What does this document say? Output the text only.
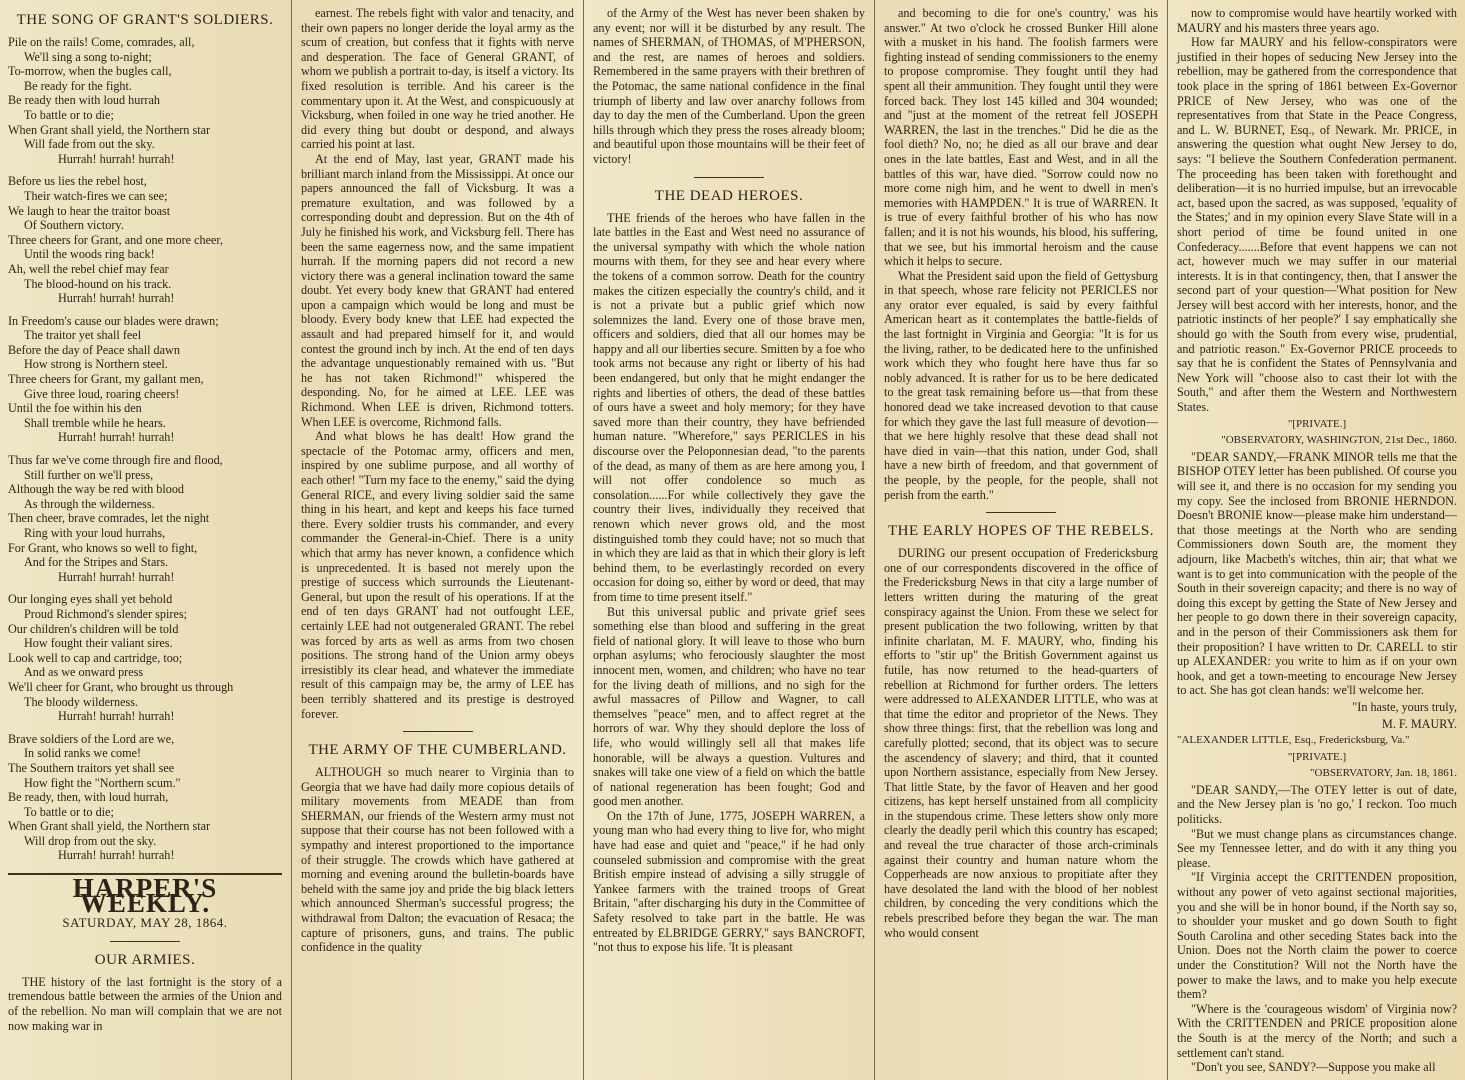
THE SONG OF GRANT'S SOLDIERS.

Pile on the rails! Come, comrades, all,

We'll sing a song to-night;

To-morrow, when the bugles call,

Be ready for the fight.

Be ready then with loud hurrah

To battle or to die;

When Grant shall yield, the Northern star

Will fade from out the sky.

Hurrah! hurrah! hurrah!

Before us lies the rebel host,

Their watch-fires we can see;

We laugh to hear the traitor boast

Of Southern victory.

Three cheers for Grant, and one more cheer,

Until the woods ring back!

Ah, well the rebel chief may fear

The blood-hound on his track.

Hurrah! hurrah! hurrah!

In Freedom's cause our blades were drawn;

The traitor yet shall feel

Before the day of Peace shall dawn

How strong is Northern steel.

Three cheers for Grant, my gallant men,

Give three loud, roaring cheers!

Until the foe within his den

Shall tremble while he hears.

Hurrah! hurrah! hurrah!

Thus far we've come through fire and flood,

Still further on we'll press,

Although the way be red with blood

As through the wilderness.

Then cheer, brave comrades, let the night

Ring with your loud hurrahs,

For Grant, who knows so well to fight,

And for the Stripes and Stars.

Hurrah! hurrah! hurrah!

Our longing eyes shall yet behold

Proud Richmond's slender spires;

Our children's children will be told

How fought their valiant sires.

Look well to cap and cartridge, too;

And as we onward press

We'll cheer for Grant, who brought us through

The bloody wilderness.

Hurrah! hurrah! hurrah!

Brave soldiers of the Lord are we,

In solid ranks we come!

The Southern traitors yet shall see

How fight the "Northern scum."

Be ready, then, with loud hurrah,

To battle or to die;

When Grant shall yield, the Northern star

Will drop from out the sky.

Hurrah! hurrah! hurrah!

HARPER'S WEEKLY.
SATURDAY, MAY 28, 1864.
OUR ARMIES.

THE history of the last fortnight is the story of a tremendous battle between the armies of the Union and of the rebellion. No man will complain that we are not now making war in

earnest. The rebels fight with valor and tenacity, and their own papers no longer deride the loyal army as the scum of creation, but confess that it fights with nerve and desperation. The face of General GRANT, of whom we publish a portrait to-day, is itself a victory. Its fixed resolution is terrible. And his career is the commentary upon it. At the West, and conspicuously at Vicksburg, when foiled in one way he tried another. He did every thing but doubt or despond, and always carried his point at last.

At the end of May, last year, GRANT made his brilliant march inland from the Mississippi. At once our papers announced the fall of Vicksburg. It was a premature exultation, and was followed by a corresponding doubt and depression. But on the 4th of July he finished his work, and Vicksburg fell. There has been the same eagerness now, and the same impatient hurrah. If the morning papers did not record a new victory there was a general inclination toward the same doubt. Yet every body knew that GRANT had entered upon a campaign which would be long and must be bloody. Every body knew that LEE had expected the assault and had prepared himself for it, and would contest the ground inch by inch. At the end of ten days the advantage unquestionably remained with us. "But he has not taken Richmond!" whispered the desponding. No, for he aimed at LEE. LEE was Richmond. When LEE is driven, Richmond totters. When LEE is overcome, Richmond falls.

And what blows he has dealt! How grand the spectacle of the Potomac army, officers and men, inspired by one sublime purpose, and all worthy of each other! "Turn my face to the enemy," said the dying General RICE, and every living soldier said the same thing in his heart, and kept and keeps his face turned there. Every soldier trusts his commander, and every commander the General-in-Chief. There is a unity which that army has never known, a confidence which is unprecedented. It is based not merely upon the prestige of success which surrounds the Lieutenant-General, but upon the result of his operations. If at the end of ten days GRANT had not outfought LEE, certainly LEE had not outgeneraled GRANT. The rebel was forced by arts as well as arms from two chosen positions. The strong hand of the Union army obeys irresistibly its clear head, and whatever the immediate result of this campaign may be, the army of LEE has been terribly shattered and its prestige is destroyed forever.

THE ARMY OF THE CUMBERLAND.

ALTHOUGH so much nearer to Virginia than to Georgia that we have had daily more copious details of military movements from MEADE than from SHERMAN, our friends of the Western army must not suppose that their course has not been followed with a sympathy and interest proportioned to the importance of their struggle. The crowds which have gathered at morning and evening around the bulletin-boards have beheld with the same joy and pride the big black letters which announced Sherman's successful progress; the withdrawal from Dalton; the evacuation of Resaca; the capture of prisoners, guns, and trains. The public confidence in the quality

of the Army of the West has never been shaken by any event; nor will it be disturbed by any result. The names of SHERMAN, of THOMAS, of M'PHERSON, and the rest, are names of heroes and soldiers. Remembered in the same prayers with their brethren of the Potomac, the same national confidence in the final triumph of liberty and law over anarchy follows from day to day the men of the Cumberland. Upon the green hills through which they press the roses already bloom; and beautiful upon those mountains will be their feet of victory!

THE DEAD HEROES.

THE friends of the heroes who have fallen in the late battles in the East and West need no assurance of the universal sympathy with which the whole nation mourns with them, for they see and hear every where the tokens of a common sorrow. Death for the country makes the citizen especially the country's child, and it is not a private but a public grief which now solemnizes the land. Every one of those brave men, officers and soldiers, died that all our homes may be happy and all our liberties secure. Smitten by a foe who took arms not because any right or liberty of his had been endangered, but only that he might endanger the rights and liberties of others, the dead of these battles of ours have a sweet and holy memory; for they have saved more than their country, they have befriended human nature. "Wherefore," says PERICLES in his discourse over the Peloponnesian dead, "to the parents of the dead, as many of them as are here among you, I will not offer condolence so much as consolation......For while collectively they gave the country their lives, individually they received that renown which never grows old, and the most distinguished tomb they could have; not so much that in which they are laid as that in which their glory is left behind them, to be everlastingly recorded on every occasion for doing so, either by word or deed, that may from time to time present itself."

But this universal public and private grief sees something else than blood and suffering in the great field of national glory. It will leave to those who burn orphan asylums; who ferociously slaughter the most innocent men, women, and children; who have no tear for the living death of millions, and no sigh for the awful massacres of Pillow and Wagner, to call themselves "peace" men, and to affect regret at the horrors of war. Why they should deplore the loss of life, who would willingly sell all that makes life honorable, will be always a question. Vultures and snakes will take one view of a field on which the battle of national regeneration has been fought; God and good men another.

On the 17th of June, 1775, JOSEPH WARREN, a young man who had every thing to live for, who might have had ease and quiet and "peace," if he had only counseled submission and compromise with the great British empire instead of advising a silly struggle of Yankee farmers with the trained troops of Great Britain, "after discharging his duty in the Committee of Safety resolved to take part in the battle. He was entreated by ELBRIDGE GERRY," says BANCROFT, "not thus to expose his life. 'It is pleasant

and becoming to die for one's country,' was his answer." At two o'clock he crossed Bunker Hill alone with a musket in his hand. The foolish farmers were fighting instead of sending commissioners to the enemy to propose compromise. They fought until they had spent all their ammunition. They fought until they were forced back. They lost 145 killed and 304 wounded; and "just at the moment of the retreat fell JOSEPH WARREN, the last in the trenches." Did he die as the fool dieth? No, no; he died as all our brave and dear ones in the late battles, East and West, and in all the battles of this war, have died. "Sorrow could now no more come nigh him, and he went to dwell in men's memories with HAMPDEN." It is true of WARREN. It is true of every faithful brother of his who has now fallen; and it is not his wounds, his blood, his suffering, that we see, but his immortal heroism and the cause which it helps to secure.

What the President said upon the field of Gettysburg in that speech, whose rare felicity not PERICLES nor any orator ever equaled, is said by every faithful American heart as it contemplates the battle-fields of the last fortnight in Virginia and Georgia: "It is for us the living, rather, to be dedicated here to the unfinished work which they who fought here have thus far so nobly advanced. It is rather for us to be here dedicated to the great task remaining before us—that from these honored dead we take increased devotion to that cause for which they gave the last full measure of devotion—that we here highly resolve that these dead shall not have died in vain—that this nation, under God, shall have a new birth of freedom, and that government of the people, by the people, for the people, shall not perish from the earth."

THE EARLY HOPES OF THE REBELS.

DURING our present occupation of Fredericksburg one of our correspondents discovered in the office of the Fredericksburg News in that city a large number of letters written during the maturing of the great conspiracy against the Union. From these we select for present publication the two following, written by that infinite charlatan, M. F. MAURY, who, finding his efforts to "stir up" the British Government against us futile, has now returned to the head-quarters of rebellion at Richmond for further orders. The letters were addressed to ALEXANDER LITTLE, who was at that time the editor and proprietor of the News. They show three things: first, that the rebellion was long and carefully plotted; second, that its object was to secure the ascendency of slavery; and third, that it counted upon Northern assistance, especially from New Jersey. That little State, by the favor of Heaven and her good citizens, has kept herself unstained from all complicity in the stupendous crime. These letters show only more clearly the deadly peril which this country has escaped; and reveal the true character of those arch-criminals against their country and human nature whom the Copperheads are now anxious to propitiate after they have desolated the land with the blood of her noblest children, by conceding the very conditions which the rebels prescribed before they began the war. The man who would consent

now to compromise would have heartily worked with MAURY and his masters three years ago.

How far MAURY and his fellow-conspirators were justified in their hopes of seducing New Jersey into the rebellion, may be gathered from the correspondence that took place in the spring of 1861 between Ex-Governor PRICE of New Jersey, who was one of the representatives from that State in the Peace Congress, and L. W. BURNET, Esq., of Newark. Mr. PRICE, in answering the question what ought New Jersey to do, says: "I believe the Southern Confederation permanent. The proceeding has been taken with forethought and deliberation—it is no hurried impulse, but an irrevocable act, based upon the sacred, as was supposed, 'equality of the States;' and in my opinion every Slave State will in a short period of time be found united in one Confederacy.......Before that event happens we can not act, however much we may suffer in our material interests. It is in that contingency, then, that I answer the second part of your question—'What position for New Jersey will best accord with her interests, honor, and the patriotic instincts of her people?' I say emphatically she should go with the South from every wise, prudential, and patriotic reason." Ex-Governor PRICE proceeds to say that he is confident the States of Pennsylvania and New York will "choose also to cast their lot with the South," and after them the Western and Northwestern States.

"[PRIVATE.]

"OBSERVATORY, WASHINGTON, 21st Dec., 1860.

"DEAR SANDY,—FRANK MINOR tells me that the BISHOP OTEY letter has been published. Of course you will see it, and there is no occasion for my sending you my copy. See the inclosed from BRONIE HERNDON. Doesn't BRONIE know—please make him understand—that those meetings at the North who are sending Commissioners down South are, the moment they adjourn, like Macbeth's witches, thin air; that what we want is to get into communication with the people of the South in their sovereign capacity; and there is no way of doing this except by getting the State of New Jersey and her people to go down there in their sovereign capacity, and in the person of their Commissioners ask them for their proposition? I have written to Dr. CARELL to stir up ALEXANDER: you write to him as if on your own hook, and get a town-meeting to encourage New Jersey to act. She has got clean hands: we'll welcome her.

"In haste, yours truly,

M. F. MAURY.

"ALEXANDER LITTLE, Esq., Fredericksburg, Va."

"[PRIVATE.]

"OBSERVATORY, Jan. 18, 1861.

"DEAR SANDY,—The OTEY letter is out of date, and the New Jersey plan is 'no go,' I reckon. Too much politicks.

"But we must change plans as circumstances change. See my Tennessee letter, and do with it any thing you please.

"If Virginia accept the CRITTENDEN proposition, without any power of veto against sectional majorities, you and she will be in honor bound, if the North say so, to shoulder your musket and go down South to fight South Carolina and other seceding States back into the Union. Does not the North claim the power to coerce under the Constitution? Will not the North have the power to make the laws, and to make you help execute them?

"Where is the 'courageous wisdom' of Virginia now? With the CRITTENDEN and PRICE proposition alone the South is at the mercy of the North; and such a settlement can't stand.

"Don't you see, SANDY?—Suppose you make all
